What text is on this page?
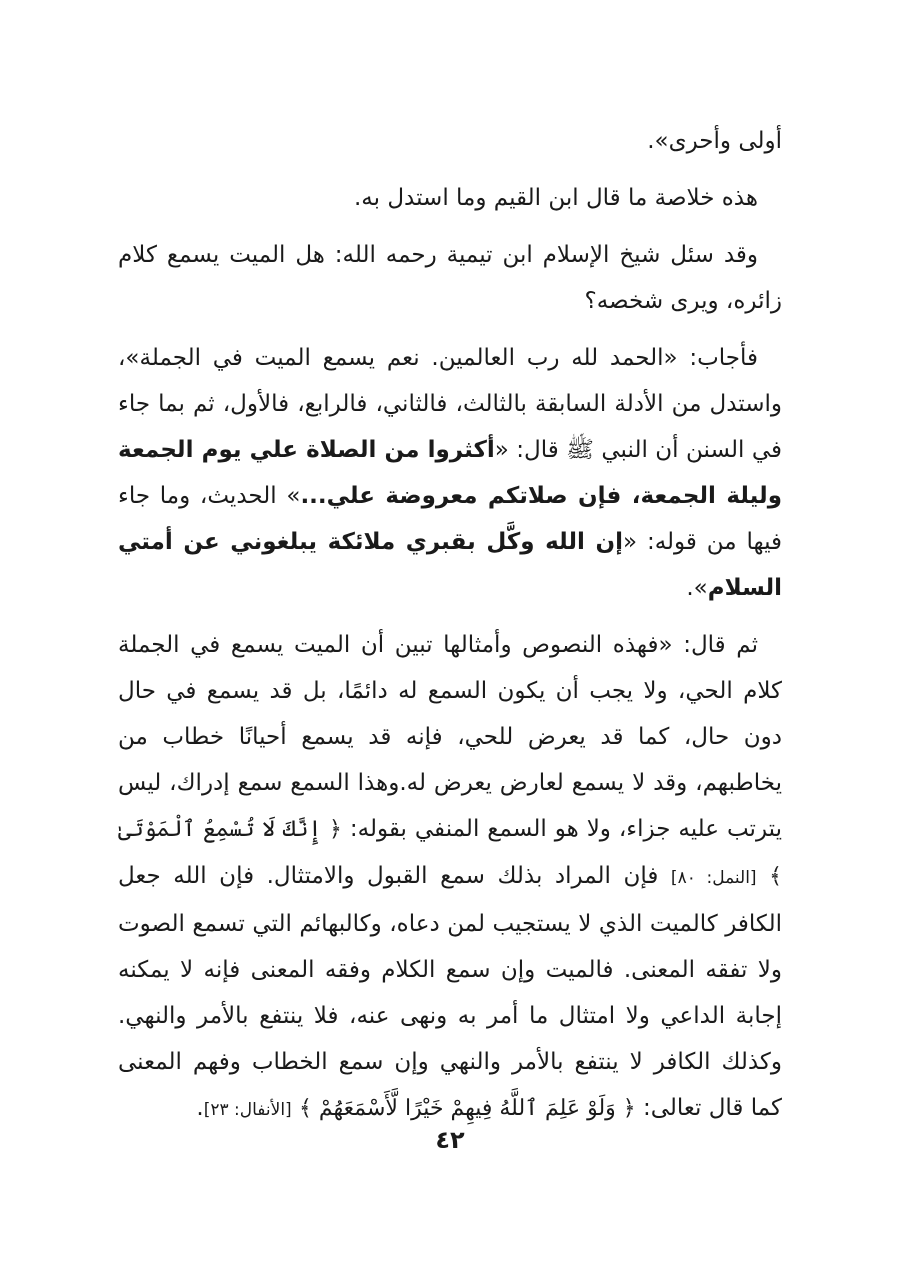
أولى وأحرى».

هذه خلاصة ما قال ابن القيم وما استدل به.

وقد سئل شيخ الإسلام ابن تيمية رحمه الله: هل الميت يسمع كلام زائره، ويرى شخصه؟

فأجاب: «الحمد لله رب العالمين. نعم يسمع الميت في الجملة»، واستدل من الأدلة السابقة بالثالث، فالثاني، فالرابع، فالأول، ثم بما جاء في السنن أن النبي ﷺ قال: «أكثروا من الصلاة علي يوم الجمعة وليلة الجمعة، فإن صلاتكم معروضة علي...» الحديث، وما جاء فيها من قوله: «إن الله وكَّل بقبري ملائكة يبلغوني عن أمتي السلام».

ثم قال: «فهذه النصوص وأمثالها تبين أن الميت يسمع في الجملة كلام الحي، ولا يجب أن يكون السمع له دائمًا، بل قد يسمع في حال دون حال، كما قد يعرض للحي، فإنه قد يسمع أحيانًا خطاب من يخاطبهم، وقد لا يسمع لعارض يعرض له.وهذا السمع سمع إدراك، ليس يترتب عليه جزاء، ولا هو السمع المنفي بقوله: ﴿ إِنَّكَ لَا تُسْمِعُ ٱلْمَوْتَىٰ ﴾ [النمل: ٨٠] فإن المراد بذلك سمع القبول والامتثال. فإن الله جعل الكافر كالميت الذي لا يستجيب لمن دعاه، وكالبهائم التي تسمع الصوت ولا تفقه المعنى. فالميت وإن سمع الكلام وفقه المعنى فإنه لا يمكنه إجابة الداعي ولا امتثال ما أمر به ونهى عنه، فلا ينتفع بالأمر والنهي. وكذلك الكافر لا ينتفع بالأمر والنهي وإن سمع الخطاب وفهم المعنى كما قال تعالى: ﴿ وَلَوْ عَلِمَ ٱللَّهُ فِيهِمْ خَيْرًا لَّأَسْمَعَهُمْ ﴾ [الأنفال: ٢٣].

٤٢
